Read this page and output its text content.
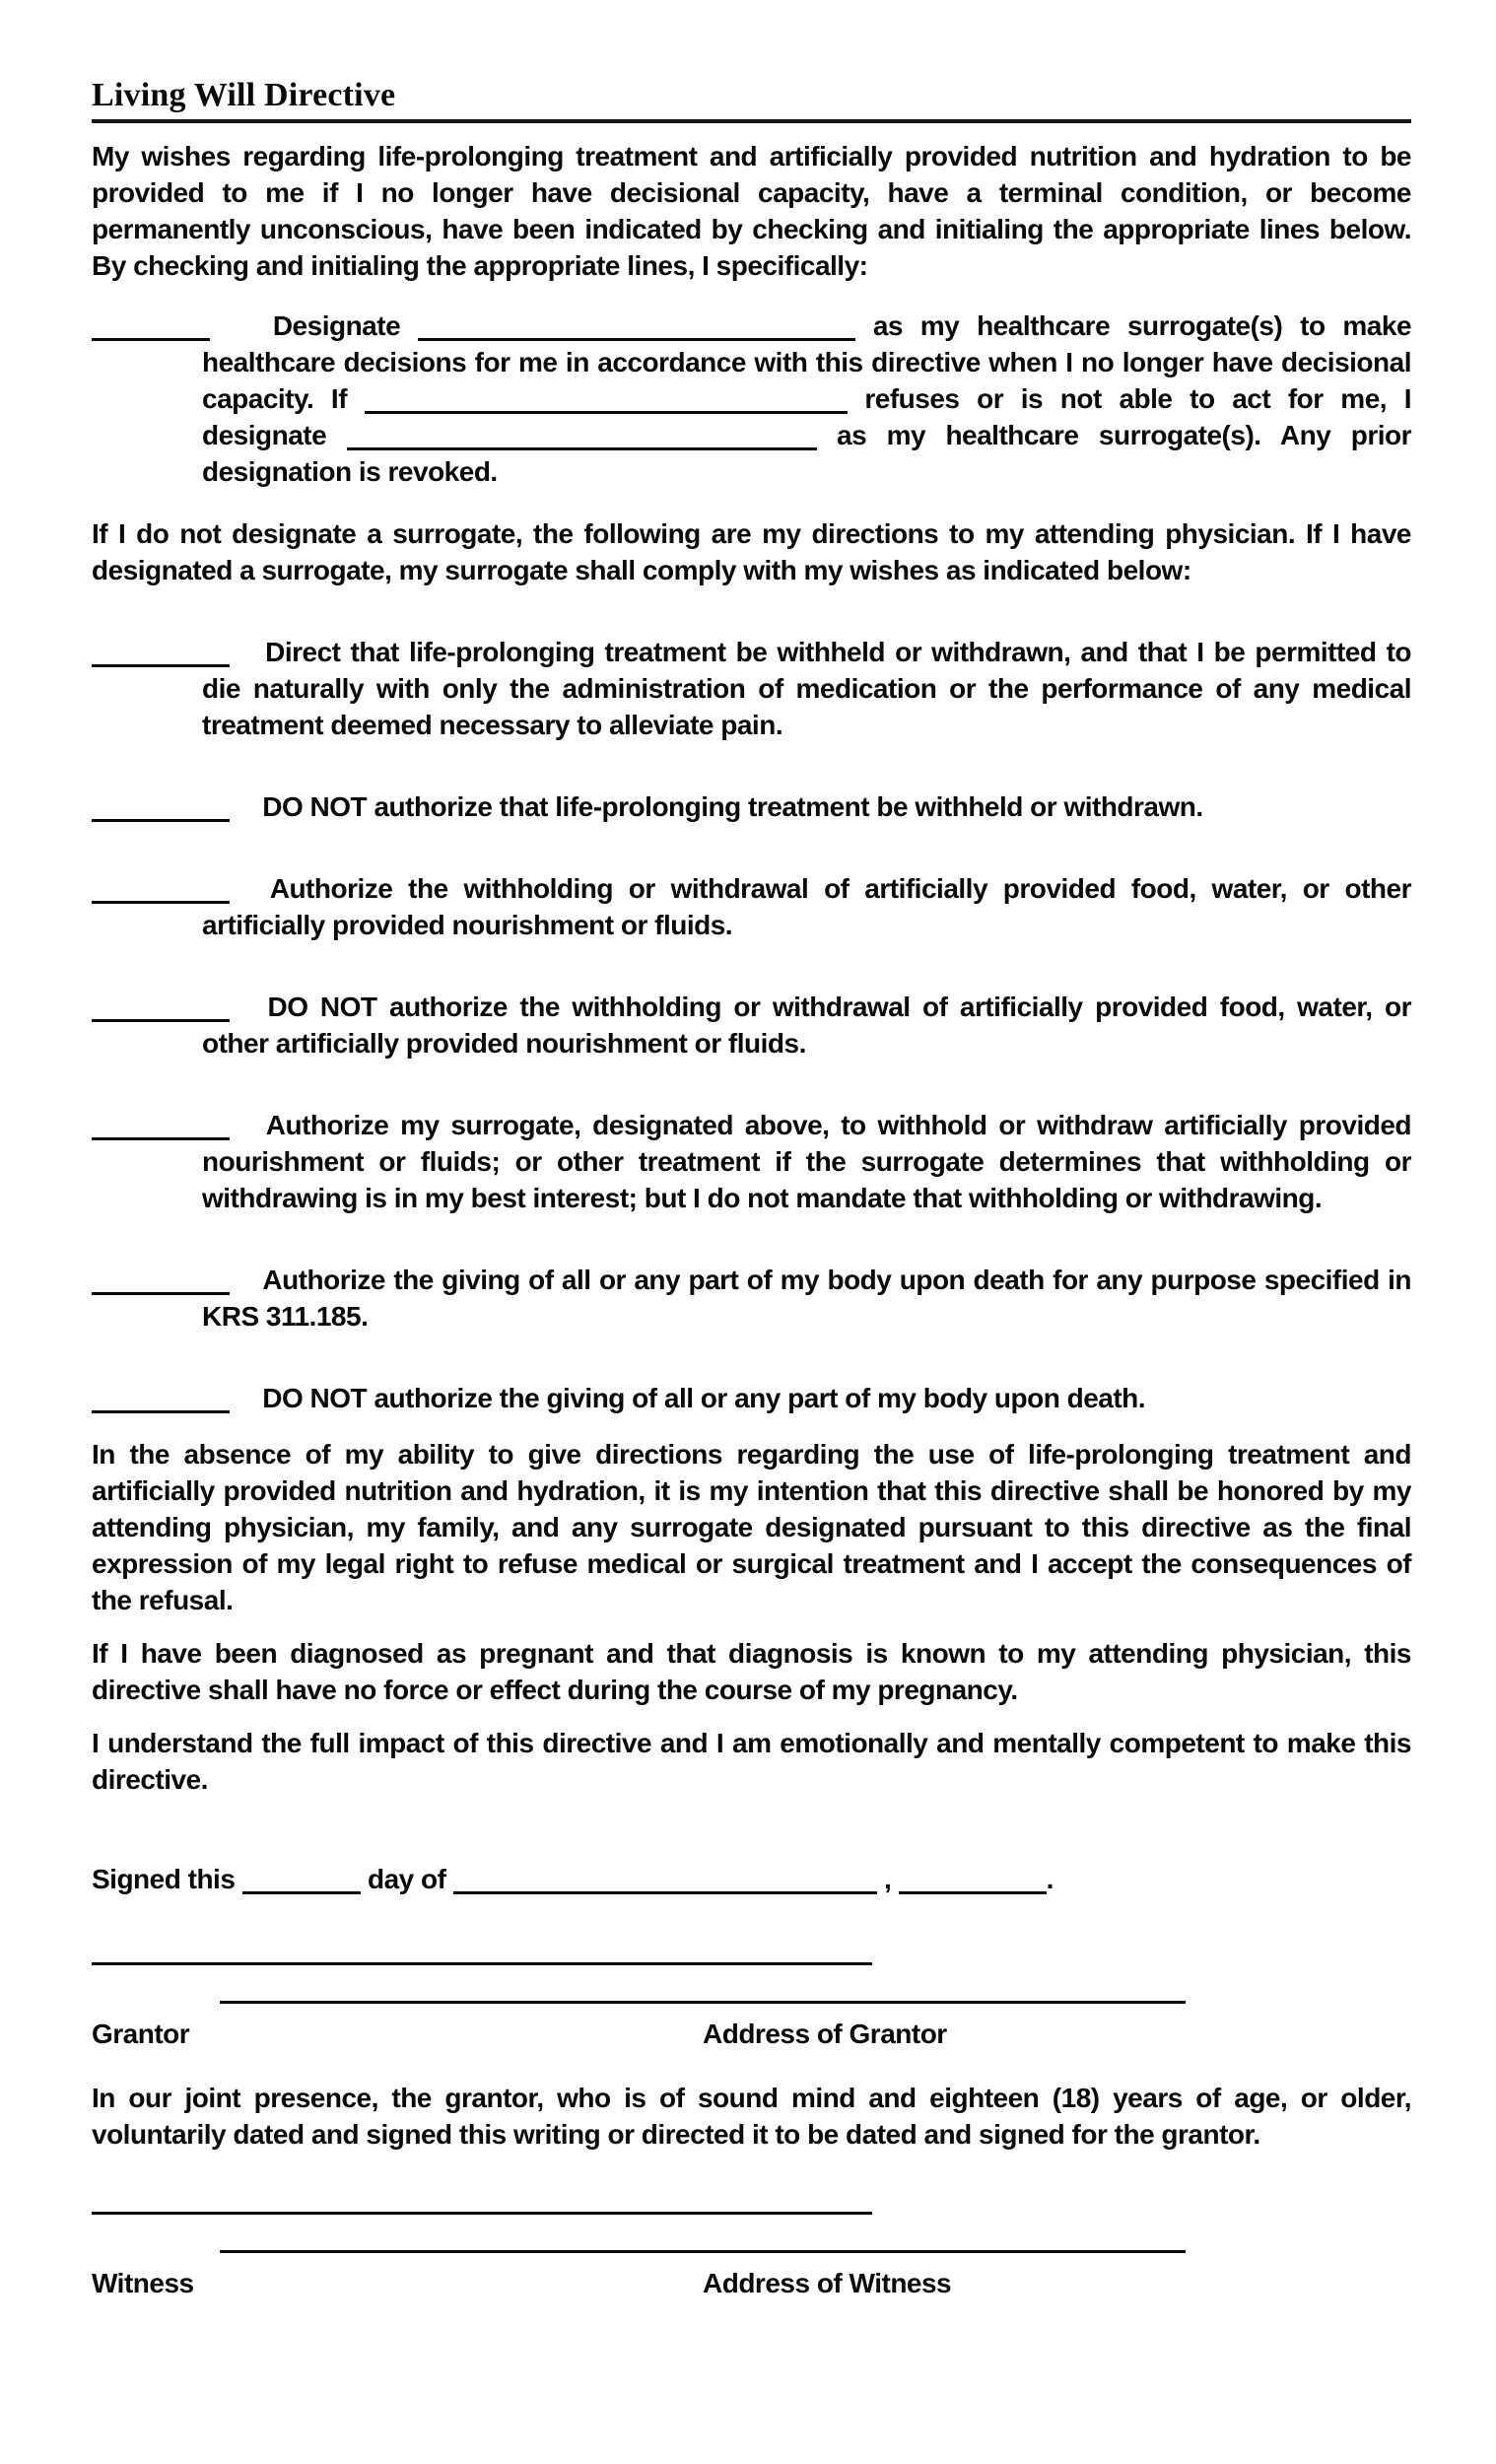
Living Will Directive

My wishes regarding life-prolonging treatment and artificially provided nutrition and hydration to be provided to me if I no longer have decisional capacity, have a terminal condition, or become permanently unconscious, have been indicated by checking and initialing the appropriate lines below. By checking and initialing the appropriate lines, I specifically:

Designate	as my healthcare surrogate(s) to make healthcare decisions for me in accordance with this directive when I no longer have decisional capacity. If	refuses or is not able to act for me, I designate	as my healthcare surrogate(s). Any prior designation is revoked.

If I do not designate a surrogate, the following are my directions to my attending physician. If I have designated a surrogate, my surrogate shall comply with my wishes as indicated below:

Direct that life-prolonging treatment be withheld or withdrawn, and that I be permitted to die naturally with only the administration of medication or the performance of any medical treatment deemed necessary to alleviate pain.
DO NOT authorize that life-prolonging treatment be withheld or withdrawn.
Authorize the withholding or withdrawal of artificially provided food, water, or other artificially provided nourishment or fluids.
DO NOT authorize the withholding or withdrawal of artificially provided food, water, or other artificially provided nourishment or fluids.
Authorize my surrogate, designated above, to withhold or withdraw artificially provided nourishment or fluids; or other treatment if the surrogate determines that withholding or withdrawing is in my best interest; but I do not mandate that withholding or withdrawing.
Authorize the giving of all or any part of my body upon death for any purpose specified in KRS 311.185.
DO NOT authorize the giving of all or any part of my body upon death.

In the absence of my ability to give directions regarding the use of life-prolonging treatment and artificially provided nutrition and hydration, it is my intention that this directive shall be honored by my attending physician, my family, and any surrogate designated pursuant to this directive as the final expression of my legal right to refuse medical or surgical treatment and I accept the consequences of the refusal.

If I have been diagnosed as pregnant and that diagnosis is known to my attending physician, this directive shall have no force or effect during the course of my pregnancy.

I understand the full impact of this directive and I am emotionally and mentally competent to make this directive.

Signed this	day of	,	.
Grantor	Address of Grantor

In our joint presence, the grantor, who is of sound mind and eighteen (18) years of age, or older, voluntarily dated and signed this writing or directed it to be dated and signed for the grantor.

Witness	Address of Witness
